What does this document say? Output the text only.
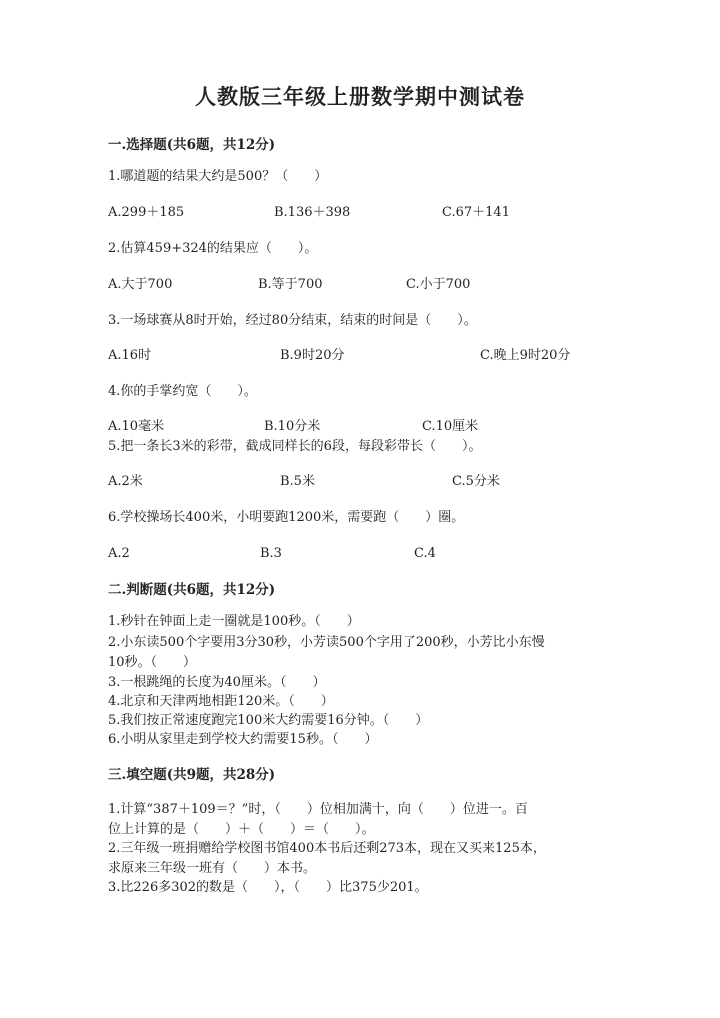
人教版三年级上册数学期中测试卷
一.选择题(共6题，共12分)
1.哪道题的结果大约是500？（　　）
A.299＋185	B.136＋398	C.67＋141
2.估算459+324的结果应（　　）。
A.大于700	B.等于700	C.小于700
3.一场球赛从8时开始，经过80分结束，结束的时间是（　　）。
A.16时	B.9时20分	C.晚上9时20分
4.你的手掌约宽（　　）。
A.10毫米	B.10分米	C.10厘米
5.把一条长3米的彩带，截成同样长的6段，每段彩带长（　　）。
A.2米	B.5米	C.5分米
6.学校操场长400米，小明要跑1200米，需要跑（　　）圈。
A.2	B.3	C.4
二.判断题(共6题，共12分)
1.秒针在钟面上走一圈就是100秒。（　　）
2.小东读500个字要用3分30秒，小芳读500个字用了200秒，小芳比小东慢
10秒。（　　）
3.一根跳绳的长度为40厘米。（　　）
4.北京和天津两地相距120米。（　　）
5.我们按正常速度跑完100米大约需要16分钟。（　　）
6.小明从家里走到学校大约需要15秒。（　　）
三.填空题(共9题，共28分)
1.计算“387＋109＝？”时，（　　）位相加满十，向（　　）位进一。百
位上计算的是（　　）＋（　　）＝（　　）。
2.三年级一班捐赠给学校图书馆400本书后还剩273本，现在又买来125本，
求原来三年级一班有（　　）本书。
3.比226多302的数是（　　），（　　）比375少201。
